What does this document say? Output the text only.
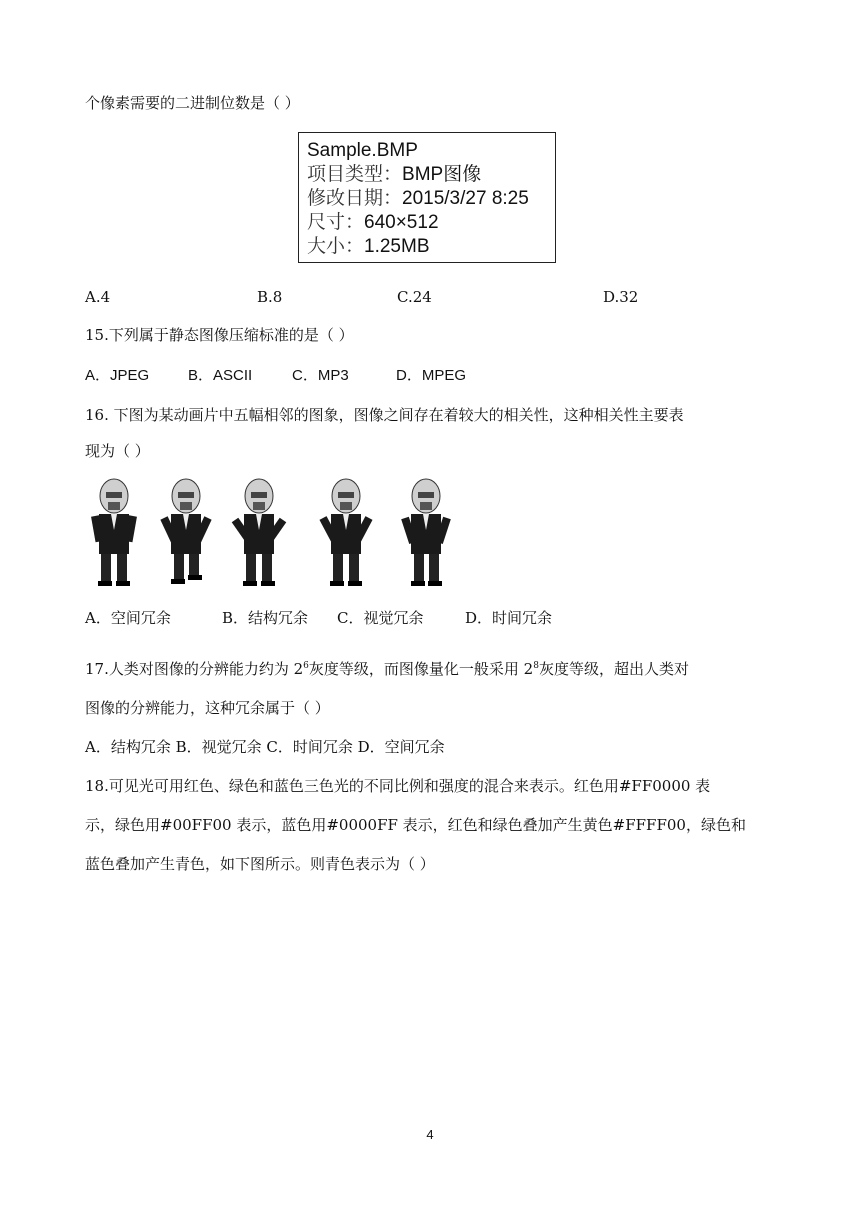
个像素需要的二进制位数是（ ）
Sample.BMP
项目类型：BMP图像
修改日期：2015/3/27 8:25
尺寸：640×512
大小：1.25MB
A.4	B.8	C.24	D.32
15.下列属于静态图像压缩标准的是（ ）
A．JPEG	B．ASCII	C．MP3	D．MPEG
16. 下图为某动画片中五幅相邻的图象，图像之间存在着较大的相关性，这种相关性主要表
现为（ ）
A．空间冗余	B．结构冗余 C．视觉冗余	D．时间冗余
17.人类对图像的分辨能力约为 $2^6$灰度等级，而图像量化一般采用 $2^8$灰度等级，超出人类对
图像的分辨能力，这种冗余属于（ ）
A．结构冗余 B．视觉冗余 C．时间冗余 D．空间冗余
18.可见光可用红色、绿色和蓝色三色光的不同比例和强度的混合来表示。红色用#FF0000 表
示，绿色用#00FF00 表示，蓝色用#0000FF 表示，红色和绿色叠加产生黄色#FFFF00，绿色和
蓝色叠加产生青色，如下图所示。则青色表示为（ ）
4
